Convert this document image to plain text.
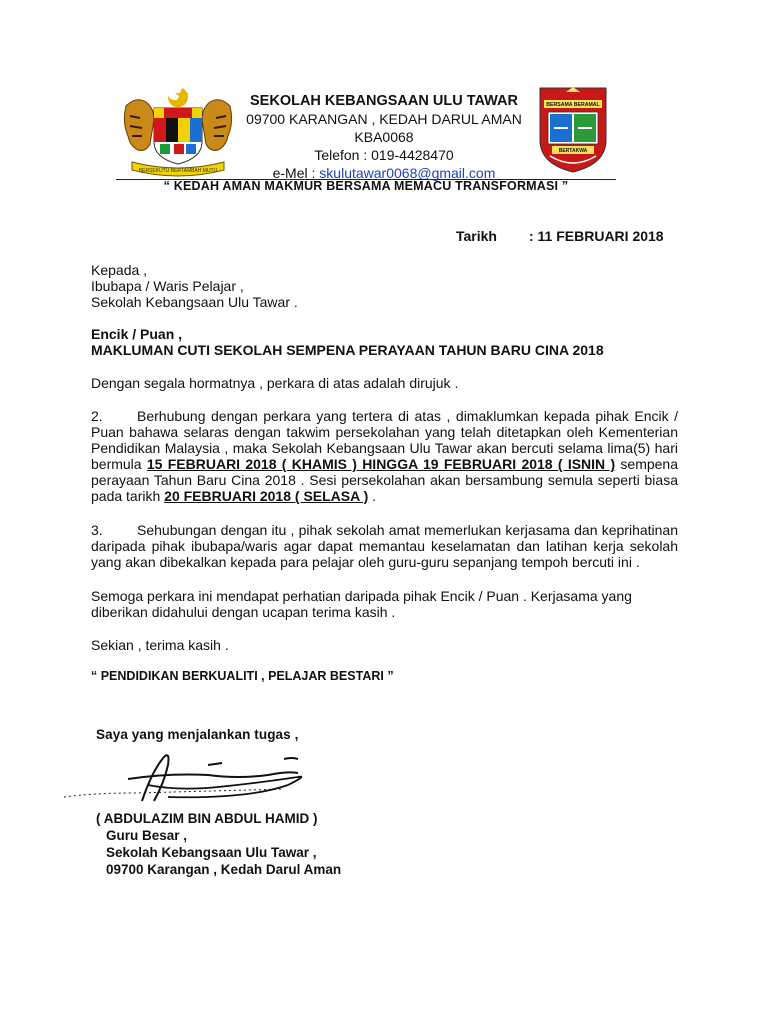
BERSEKUTU BERTAMBAH MUTU
SEKOLAH KEBANGSAAN ULU TAWAR
09700 KARANGAN , KEDAH DARUL AMAN
KBA0068
Telefon : 019-4428470
e-Mel : skulutawar0068@gmail.com
BERSAMA BERAMAL
BERTAKWA
“ KEDAH AMAN MAKMUR BERSAMA MEMACU TRANSFORMASI ”
Tarikh : 11 FEBRUARI 2018
Kepada ,
Ibubapa / Waris Pelajar ,
Sekolah Kebangsaan Ulu Tawar .
Encik / Puan ,
MAKLUMAN CUTI SEKOLAH SEMPENA PERAYAAN TAHUN BARU CINA 2018
Dengan segala hormatnya , perkara di atas adalah dirujuk .
2. Berhubung dengan perkara yang tertera di atas , dimaklumkan kepada pihak Encik / Puan bahawa selaras dengan takwim persekolahan yang telah ditetapkan oleh Kementerian Pendidikan Malaysia , maka Sekolah Kebangsaan Ulu Tawar akan bercuti selama lima(5) hari bermula 15 FEBRUARI 2018 ( KHAMIS ) HINGGA 19 FEBRUARI 2018 ( ISNIN ) sempena perayaan Tahun Baru Cina 2018 . Sesi persekolahan akan bersambung semula seperti biasa pada tarikh 20 FEBRUARI 2018 ( SELASA ) .
3. Sehubungan dengan itu , pihak sekolah amat memerlukan kerjasama dan keprihatinan daripada pihak ibubapa/waris agar dapat memantau keselamatan dan latihan kerja sekolah yang akan dibekalkan kepada para pelajar oleh guru-guru sepanjang tempoh bercuti ini .
Semoga perkara ini mendapat perhatian daripada pihak Encik / Puan . Kerjasama yang diberikan didahului dengan ucapan terima kasih .
Sekian , terima kasih .
“ PENDIDIKAN BERKUALITI , PELAJAR BESTARI ”
Saya yang menjalankan tugas ,
( ABDULAZIM BIN ABDUL HAMID )
Guru Besar ,
Sekolah Kebangsaan Ulu Tawar ,
09700 Karangan , Kedah Darul Aman
